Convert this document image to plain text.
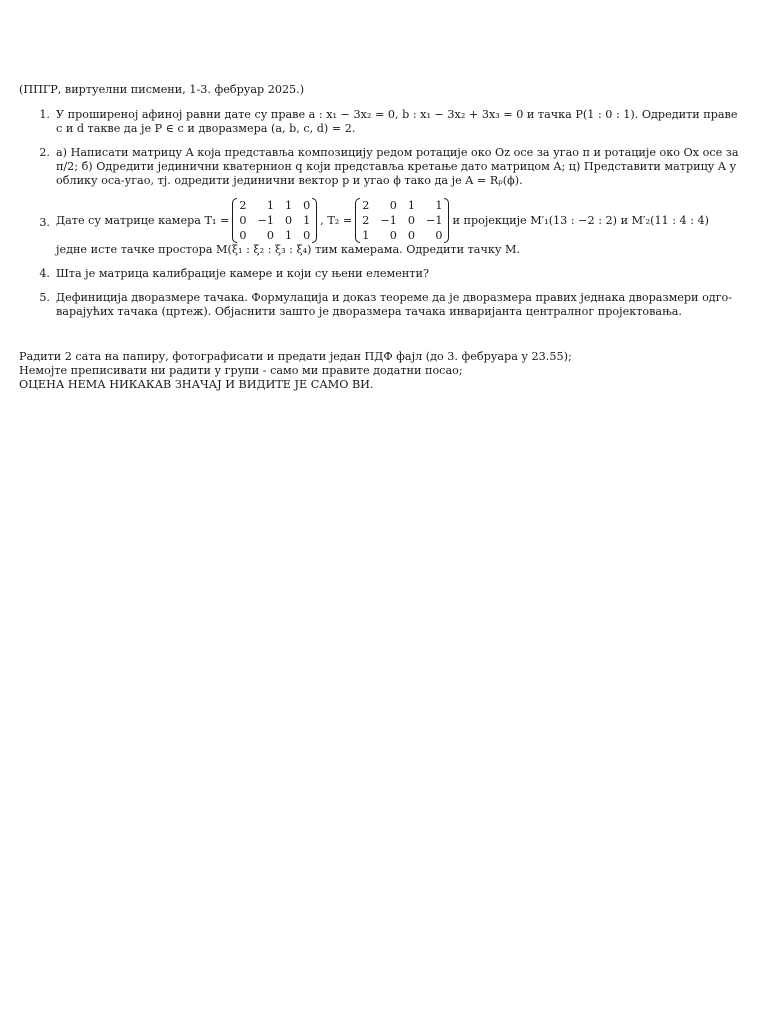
(ППГР, виртуелни писмени, 1-3. фебруар 2025.)
1. У проширеној афиној равни дате су праве a : x₁ − 3x₂ = 0, b : x₁ − 3x₂ + 3x₃ = 0 и тачка P(1 : 0 : 1). Одредити праве
c и d такве да је P ∈ c и дворазмера (a, b, c, d) = 2.
2. а) Написати матрицу A која представља композицију редом ротације око Oz осе за угао π и ротације око Ox осе за
π/2; б) Одредити јединични кватернион q који представља кретање дато матрицом A; ц) Представити матрицу A у
облику оса-угао, тј. одредити јединични вектор p и угао ϕ тако да је A = Rₚ(ϕ).
3. Дате су матрице камера T₁ =
2	1 1 0
0 −1 0 1
0	0 1 0
, T₂ =
2	0 1	1
2 −1 0 −1
1	0 0	0
и пројекције M′₁(13 : −2 : 2) и M′₂(11 : 4 : 4)
једне исте тачке простора M(ξ₁ : ξ₂ : ξ₃ : ξ₄) тим камерама. Одредити тачку M.
4. Шта је матрица калибрације камере и који су њени елементи?
5. Дефиниција дворазмере тачака. Формулација и доказ теореме да је дворазмера правих једнака дворазмери одго-
варајућих тачака (цртеж). Објаснити зашто је дворазмера тачака инваријанта централног пројектовања.
Радити 2 сата на папиру, фотографисати и предати један ПДФ фајл (до 3. фебруара у 23.55);
Немојте преписивати ни радити у групи - само ми правите додатни посао;
ОЦЕНА НЕМА НИКАКАВ ЗНАЧАЈ И ВИДИТЕ ЈЕ САМО ВИ.
